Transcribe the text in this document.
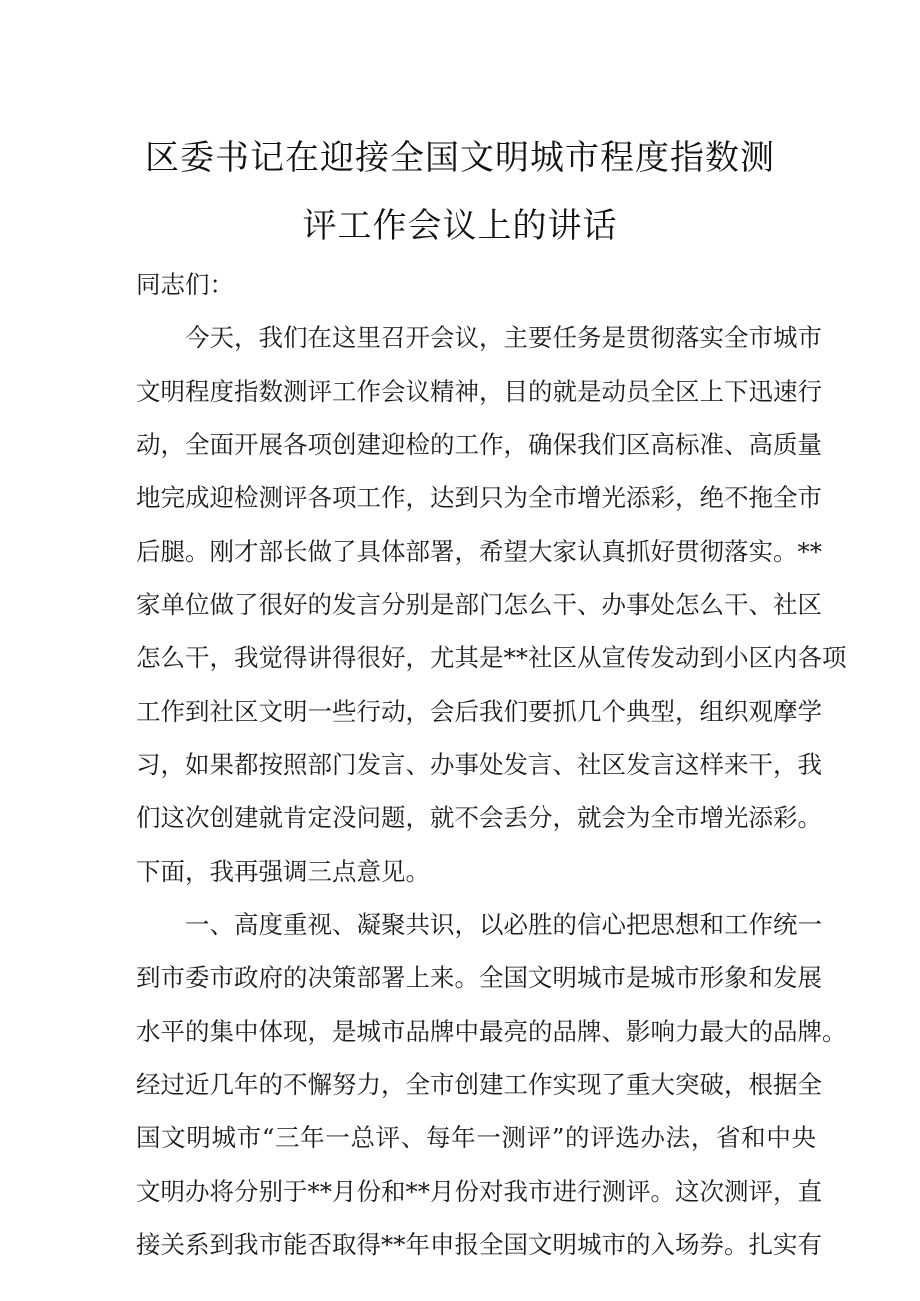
区委书记在迎接全国文明城市程度指数测
评工作会议上的讲话
同志们：
今天，我们在这里召开会议，主要任务是贯彻落实全市城市
文明程度指数测评工作会议精神，目的就是动员全区上下迅速行
动，全面开展各项创建迎检的工作，确保我们区高标准、高质量
地完成迎检测评各项工作，达到只为全市增光添彩，绝不拖全市
后腿。刚才部长做了具体部署，希望大家认真抓好贯彻落实。**
家单位做了很好的发言分别是部门怎么干、办事处怎么干、社区
怎么干，我觉得讲得很好，尤其是**社区从宣传发动到小区内各项
工作到社区文明一些行动，会后我们要抓几个典型，组织观摩学
习，如果都按照部门发言、办事处发言、社区发言这样来干，我
们这次创建就肯定没问题，就不会丢分，就会为全市增光添彩。
下面，我再强调三点意见。
一、高度重视、凝聚共识，以必胜的信心把思想和工作统一
到市委市政府的决策部署上来。全国文明城市是城市形象和发展
水平的集中体现，是城市品牌中最亮的品牌、影响力最大的品牌。
经过近几年的不懈努力，全市创建工作实现了重大突破，根据全
国文明城市“三年一总评、每年一测评”的评选办法，省和中央
文明办将分别于**月份和**月份对我市进行测评。这次测评，直
接关系到我市能否取得**年申报全国文明城市的入场券。扎实有
